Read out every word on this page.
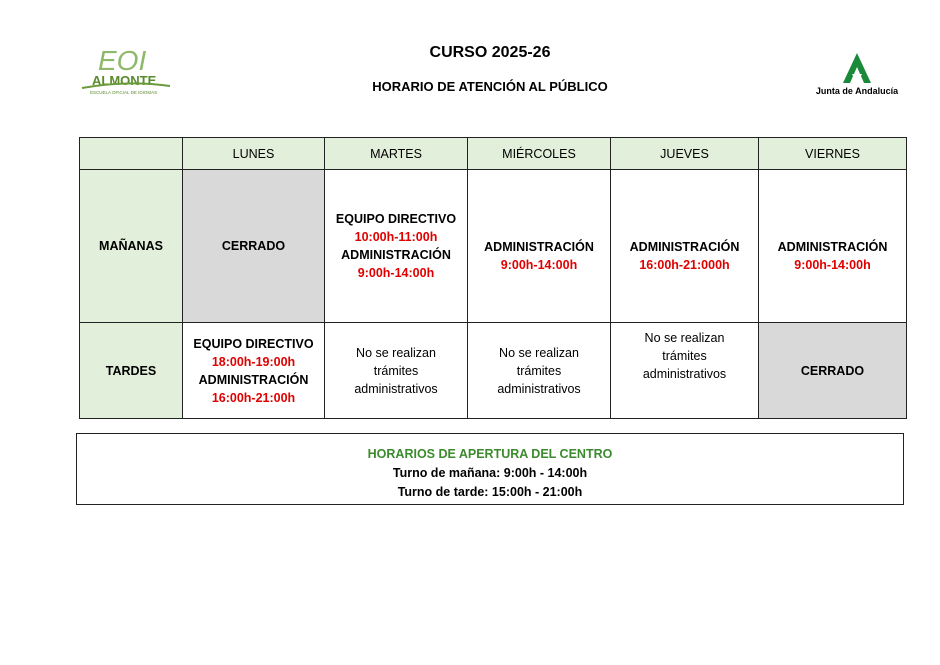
EOI
ALMONTE
ESCUELA OFICIAL DE IDIOMAS
CURSO 2025-26
HORARIO DE ATENCIÓN AL PÚBLICO	Junta de Andalucía
	LUNES	MARTES	MIÉRCOLES	JUEVES	VIERNES
MAÑANAS	CERRADO	EQUIPO DIRECTIVO
10:00h-11:00h
ADMINISTRACIÓN
9:00h-14:00h	ADMINISTRACIÓN
9:00h-14:00h	ADMINISTRACIÓN
16:00h-21:000h	ADMINISTRACIÓN
9:00h-14:00h

TARDES	EQUIPO DIRECTIVO
18:00h-19:00h
ADMINISTRACIÓN
16:00h-21:00h	No se realizan
trámites
administrativos	No se realizan
trámites
administrativos	No se realizan
trámites
administrativos	CERRADO
HORARIOS DE APERTURA DEL CENTRO
Turno de mañana: 9:00h - 14:00h
Turno de tarde: 15:00h - 21:00h
